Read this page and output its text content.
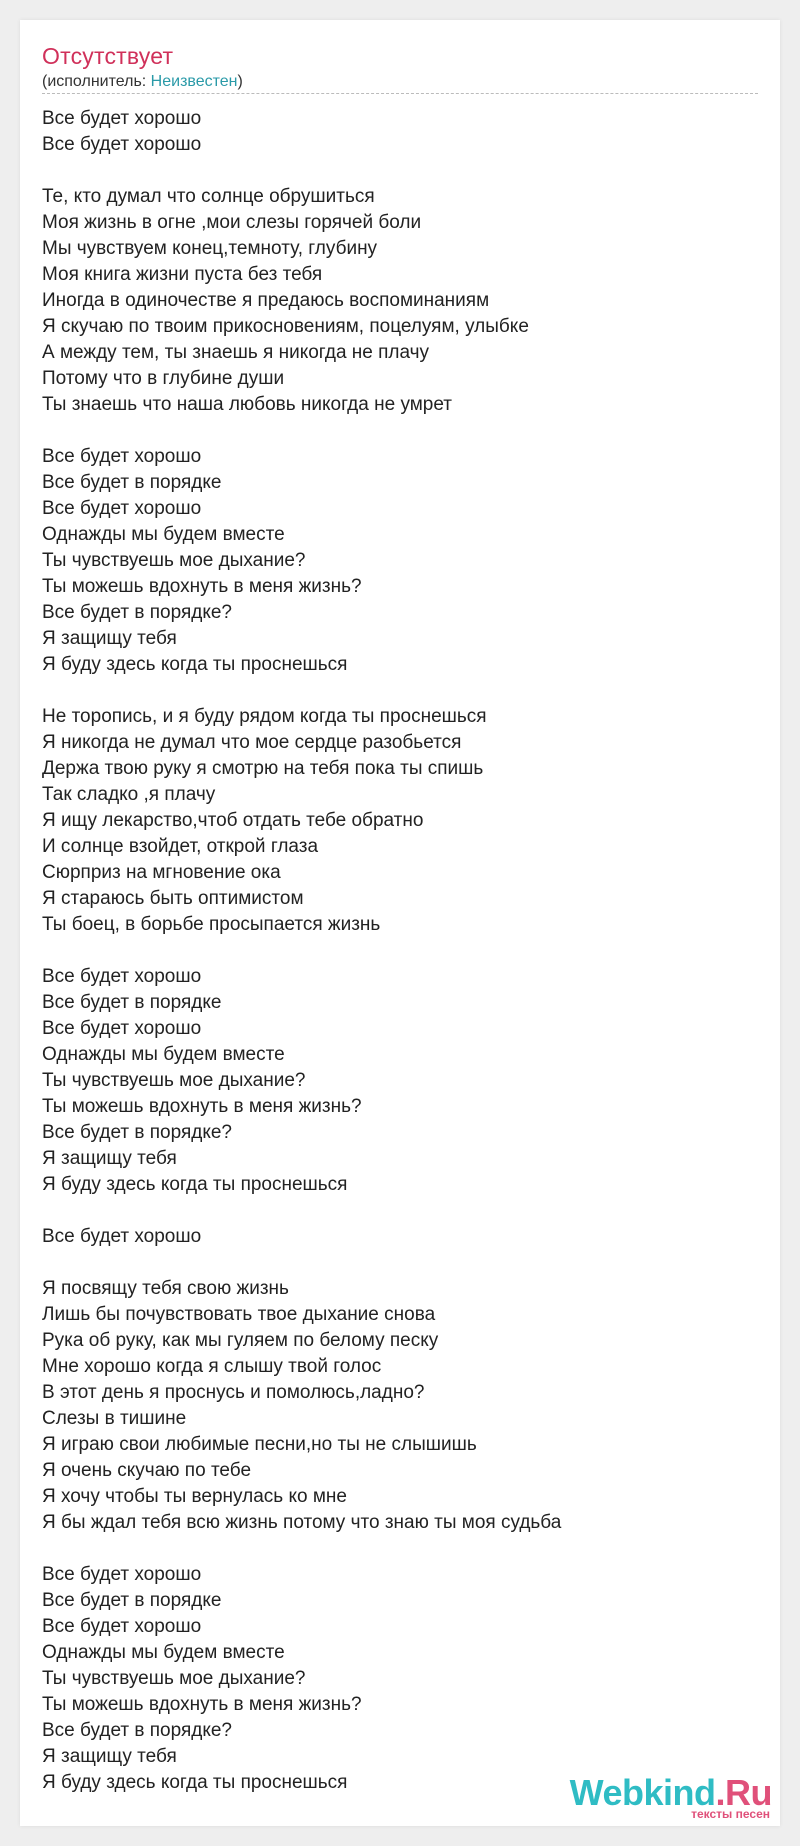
Отсутствует
(исполнитель: Неизвестен)
Все будет хорошо
Все будет хорошо
Те, кто думал что солнце обрушиться
Моя жизнь в огне ,мои слезы горячей боли
Мы чувствуем конец,темноту, глубину
Моя книга жизни пуста без тебя
Иногда в одиночестве я предаюсь воспоминаниям
Я скучаю по твоим прикосновениям, поцелуям, улыбке
А между тем, ты знаешь я никогда не плачу
Потому что в глубине души
Ты знаешь что наша любовь никогда не умрет
Все будет хорошо
Все будет в порядке
Все будет хорошо
Однажды мы будем вместе
Ты чувствуешь мое дыхание?
Ты можешь вдохнуть в меня жизнь?
Все будет в порядке?
Я защищу тебя
Я буду здесь когда ты проснешься
Не торопись, и я буду рядом когда ты проснешься
Я никогда не думал что мое сердце разобьется
Держа твою руку я смотрю на тебя пока ты спишь
Так сладко ,я плачу
Я ищу лекарство,чтоб отдать тебе обратно
И солнце взойдет, открой глаза
Сюрприз на мгновение ока
Я стараюсь быть оптимистом
Ты боец, в борьбе просыпается жизнь
Все будет хорошо
Все будет в порядке
Все будет хорошо
Однажды мы будем вместе
Ты чувствуешь мое дыхание?
Ты можешь вдохнуть в меня жизнь?
Все будет в порядке?
Я защищу тебя
Я буду здесь когда ты проснешься
Все будет хорошо
Я посвящу тебя свою жизнь
Лишь бы почувствовать твое дыхание снова
Рука об руку, как мы гуляем по белому песку
Мне хорошо когда я слышу твой голос
В этот день я проснусь и помолюсь,ладно?
Слезы в тишине
Я играю свои любимые песни,но ты не слышишь
Я очень скучаю по тебе
Я хочу чтобы ты вернулась ко мне
Я бы ждал тебя всю жизнь потому что знаю ты моя судьба
Все будет хорошо
Все будет в порядке
Все будет хорошо
Однажды мы будем вместе
Ты чувствуешь мое дыхание?
Ты можешь вдохнуть в меня жизнь?
Все будет в порядке?
Я защищу тебя
Я буду здесь когда ты проснешься	Webkind.Ru
тексты песен
